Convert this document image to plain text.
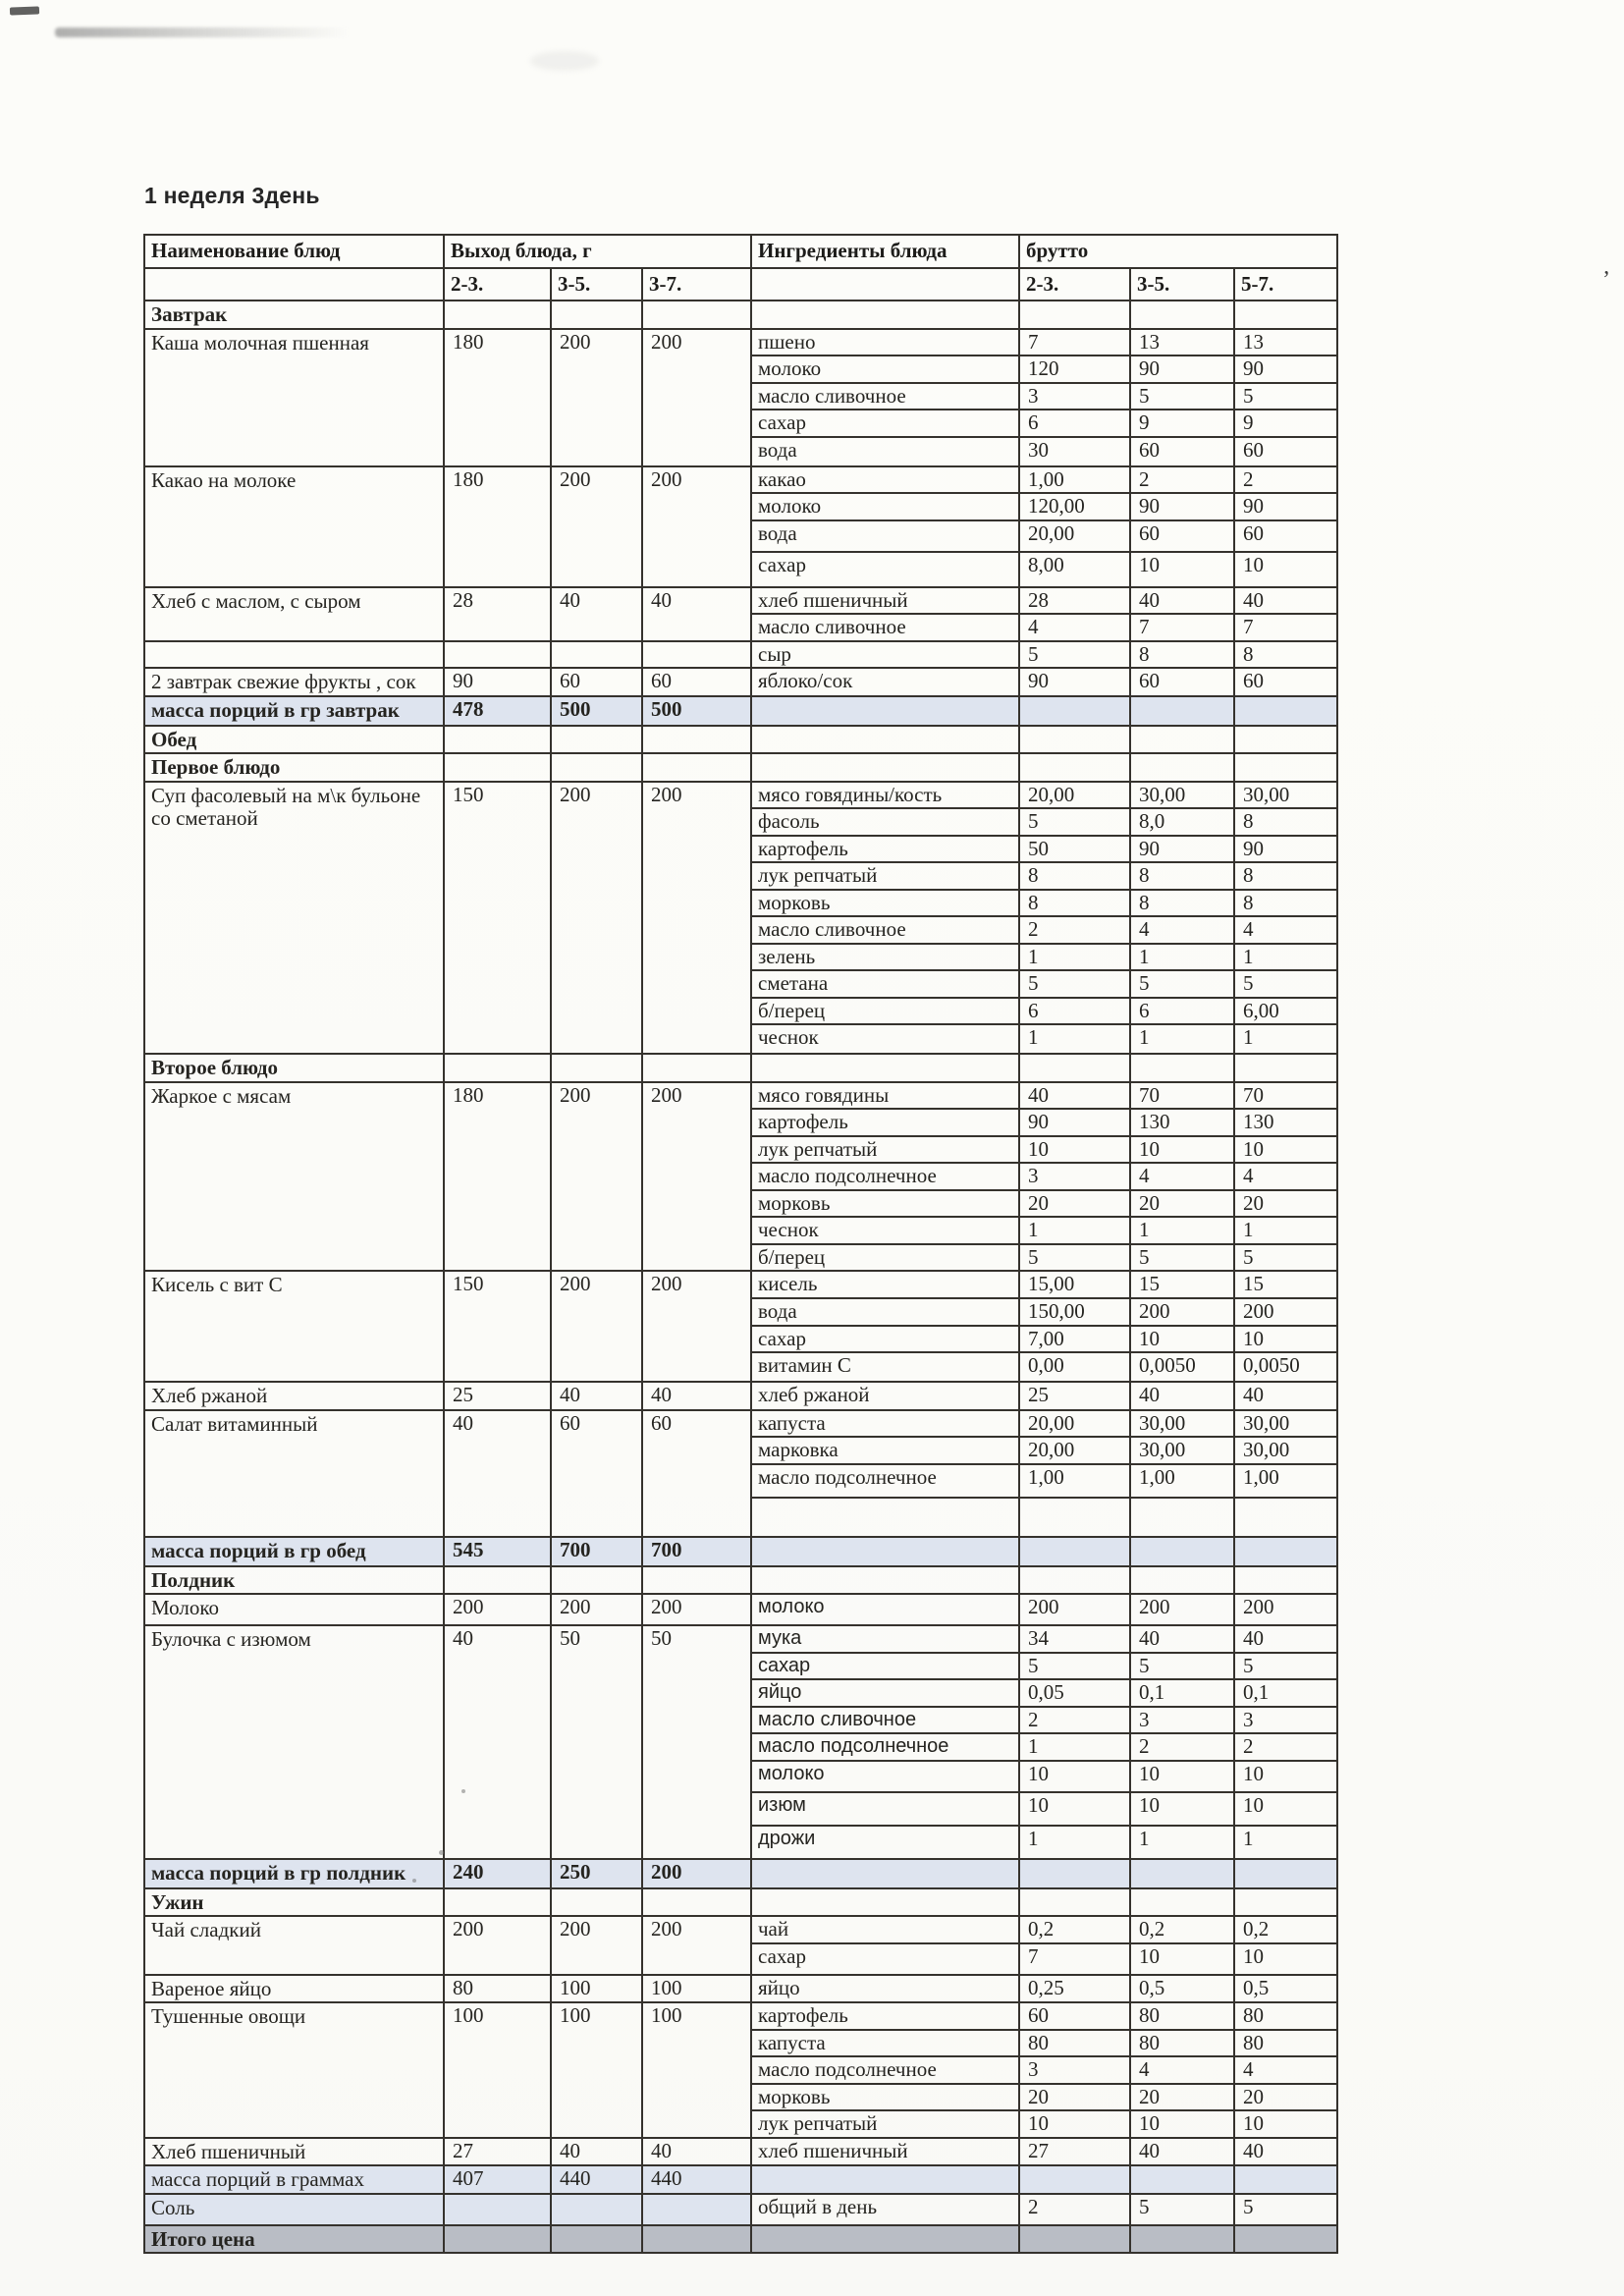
1 неделя 3день
Наименование блюд	Выход блюда, г			Ингредиенты блюда	брутто		
	2-3.	3-5.	3-7.		2-3.	3-5.	5-7.
Завтрак							
Каша молочная пшенная	180	200	200	пшено	7	13	13
				молоко	120	90	90
				масло сливочное	3	5	5
				сахар	6	9	9
				вода	30	60	60
Какао на молоке	180	200	200	какао	1,00	2	2
				молоко	120,00	90	90
				вода	20,00	60	60
				сахар	8,00	10	10
Хлеб с маслом, с сыром	28	40	40	хлеб пшеничный	28	40	40
				масло сливочное	4	7	7
				сыр	5	8	8
2 завтрак свежие фрукты , сок	90	60	60	яблоко/сок	90	60	60
масса порций в гр завтрак	478	500	500				
Обед							
Первое блюдо							
Суп фасолевый на м\к бульоне со сметаной	150	200	200	мясо говядины/кость	20,00	30,00	30,00
				фасоль	5	8,0	8
				картофель	50	90	90
				лук репчатый	8	8	8
				морковь	8	8	8
				масло сливочное	2	4	4
				зелень	1	1	1
				сметана	5	5	5
				б/перец	6	6	6,00
				чеснок	1	1	1
Второе блюдо							
Жаркое с мясам	180	200	200	мясо говядины	40	70	70
				картофель	90	130	130
				лук репчатый	10	10	10
				масло подсолнечное	3	4	4
				морковь	20	20	20
				чеснок	1	1	1
				б/перец	5	5	5
Кисель с вит С	150	200	200	кисель	15,00	15	15
				вода	150,00	200	200
				сахар	7,00	10	10
				витамин С	0,00	0,0050	0,0050
Хлеб ржаной	25	40	40	хлеб ржаной	25	40	40
Салат витаминный	40	60	60	капуста	20,00	30,00	30,00
				марковка	20,00	30,00	30,00
				масло подсолнечное	1,00	1,00	1,00

масса порций в гр обед	545	700	700				
Полдник							
Молоко	200	200	200	молоко	200	200	200
Булочка с изюмом	40	50	50	мука	34	40	40
				сахар	5	5	5
				яйцо	0,05	0,1	0,1
				масло сливочное	2	3	3
				масло подсолнечное	1	2	2
				молоко	10	10	10
				изюм	10	10	10
				дрожи	1	1	1
масса порций в гр полдник	240	250	200				
Ужин							
Чай сладкий	200	200	200	чай	0,2	0,2	0,2
				сахар	7	10	10
Вареное яйцо	80	100	100	яйцо	0,25	0,5	0,5
Тушенные овощи	100	100	100	картофель	60	80	80
				капуста	80	80	80
				масло подсолнечное	3	4	4
				морковь	20	20	20
				лук репчатый	10	10	10
Хлеб пшеничный	27	40	40	хлеб пшеничный	27	40	40
масса порций в граммах	407	440	440				
Соль				общий в день	2	5	5
Итого цена							
’
